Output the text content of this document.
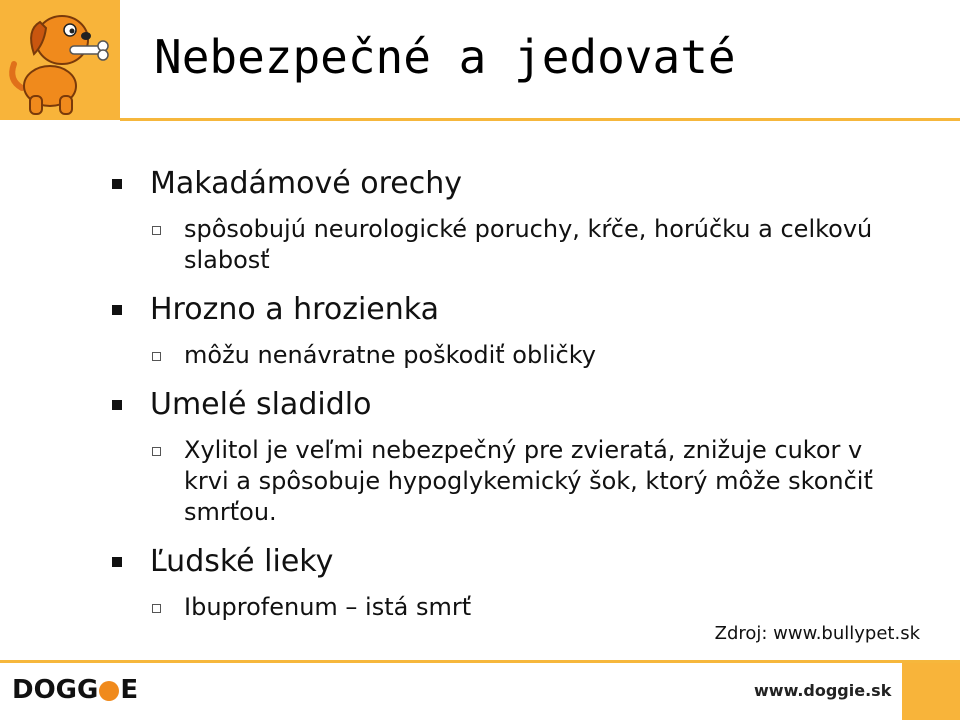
Nebezpečné a jedovaté
Makadámové orechy
spôsobujú neurologické poruchy, kŕče, horúčku a celkovú slabosť
Hrozno a hrozienka
môžu nenávratne poškodiť obličky
Umelé sladidlo
Xylitol je veľmi nebezpečný pre zvieratá, znižuje cukor v krvi a spôsobuje hypoglykemický šok, ktorý môže skončiť smrťou.
Ľudské lieky
Ibuprofenum – istá smrť
Zdroj: www.bullypet.sk
DOGG E	www.doggie.sk
